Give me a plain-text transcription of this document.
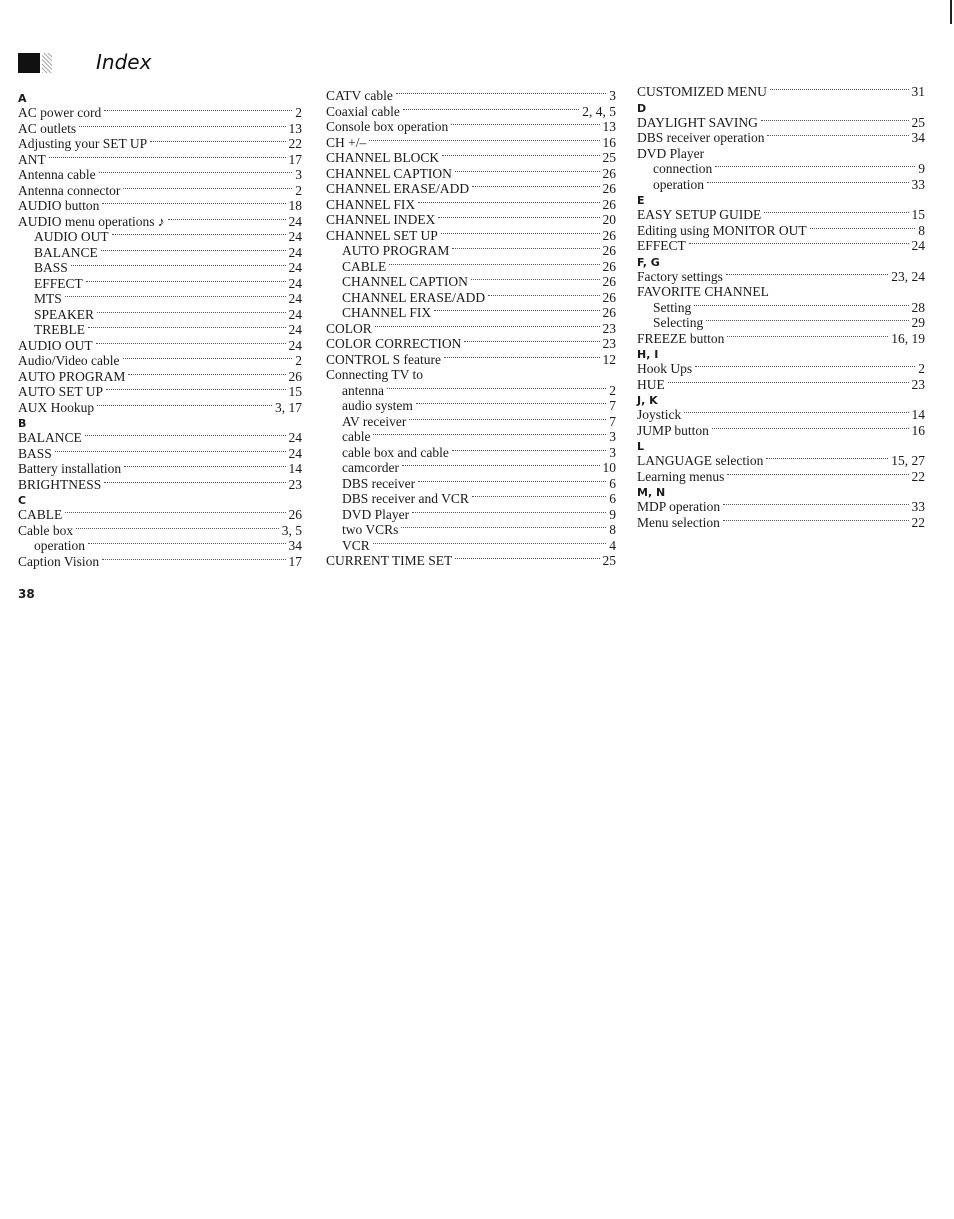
Index
A
AC power cord	2
AC outlets	13
Adjusting your SET UP	22
ANT	17
Antenna cable	3
Antenna connector	2
AUDIO button	18
AUDIO menu operations ♪	24
AUDIO OUT	24
BALANCE	24
BASS	24
EFFECT	24
MTS	24
SPEAKER	24
TREBLE	24
AUDIO OUT	24
Audio/Video cable	2
AUTO PROGRAM	26
AUTO SET UP	15
AUX Hookup	3, 17
B
BALANCE	24
BASS	24
Battery installation	14
BRIGHTNESS	23
C
CABLE	26
Cable box	3, 5
operation	34
Caption Vision	17
CATV cable	3
Coaxial cable	2, 4, 5
Console box operation	13
CH +/–	16
CHANNEL BLOCK	25
CHANNEL CAPTION	26
CHANNEL ERASE/ADD	26
CHANNEL FIX	26
CHANNEL INDEX	20
CHANNEL SET UP	26
AUTO PROGRAM	26
CABLE	26
CHANNEL CAPTION	26
CHANNEL ERASE/ADD	26
CHANNEL FIX	26
COLOR	23
COLOR CORRECTION	23
CONTROL S feature	12
Connecting TV to
antenna	2
audio system	7
AV receiver	7
cable	3
cable box and cable	3
camcorder	10
DBS receiver	6
DBS receiver and VCR	6
DVD Player	9
two VCRs	8
VCR	4
CURRENT TIME SET	25
CUSTOMIZED MENU	31
D
DAYLIGHT SAVING	25
DBS receiver operation	34
DVD Player
connection	9
operation	33
E
EASY SETUP GUIDE	15
Editing using MONITOR OUT	8
EFFECT	24
F, G
Factory settings	23, 24
FAVORITE CHANNEL
Setting	28
Selecting	29
FREEZE button	16, 19
H, I
Hook Ups	2
HUE	23
J, K
Joystick	14
JUMP button	16
L
LANGUAGE selection	15, 27
Learning menus	22
M, N
MDP operation	33
Menu selection	22
38
